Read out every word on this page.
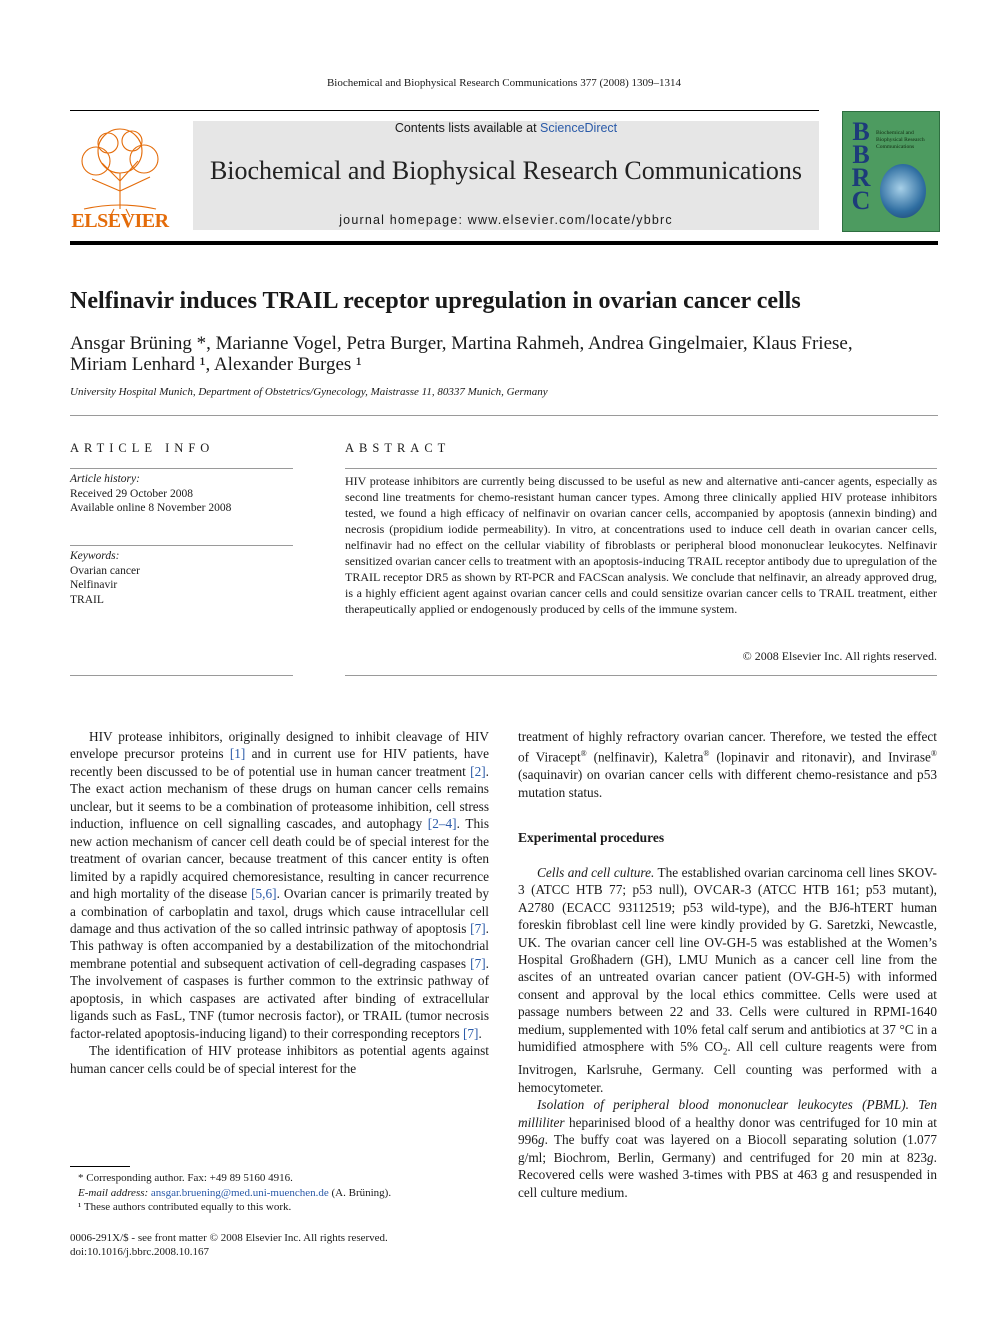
Biochemical and Biophysical Research Communications 377 (2008) 1309–1314
ELSEVIER
Contents lists available at ScienceDirect
Biochemical and Biophysical Research Communications
journal homepage: www.elsevier.com/locate/ybbrc
B
B
R
C
Biochemical and Biophysical Research Communications
Nelfinavir induces TRAIL receptor upregulation in ovarian cancer cells
Ansgar Brüning *, Marianne Vogel, Petra Burger, Martina Rahmeh, Andrea Gingelmaier, Klaus Friese,
Miriam Lenhard ¹, Alexander Burges ¹
University Hospital Munich, Department of Obstetrics/Gynecology, Maistrasse 11, 80337 Munich, Germany
ARTICLE INFO
Article history:
Received 29 October 2008
Available online 8 November 2008
Keywords:
Ovarian cancer
Nelfinavir
TRAIL
ABSTRACT
HIV protease inhibitors are currently being discussed to be useful as new and alternative anti-cancer agents, especially as second line treatments for chemo-resistant human cancer types. Among three clinically applied HIV protease inhibitors tested, we found a high efficacy of nelfinavir on ovarian cancer cells, accompanied by apoptosis (annexin binding) and necrosis (propidium iodide permeability). In vitro, at concentrations used to induce cell death in ovarian cancer cells, nelfinavir had no effect on the cellular viability of fibroblasts or peripheral blood mononuclear leukocytes. Nelfinavir sensitized ovarian cancer cells to treatment with an apoptosis-inducing TRAIL receptor antibody due to upregulation of the TRAIL receptor DR5 as shown by RT-PCR and FACScan analysis. We conclude that nelfinavir, an already approved drug, is a highly efficient agent against ovarian cancer cells and could sensitize ovarian cancer cells to TRAIL treatment, either therapeutically applied or endogenously produced by cells of the immune system.
© 2008 Elsevier Inc. All rights reserved.

HIV protease inhibitors, originally designed to inhibit cleavage of HIV envelope precursor proteins [1] and in current use for HIV patients, have recently been discussed to be of potential use in human cancer treatment [2]. The exact action mechanism of these drugs on human cancer cells remains unclear, but it seems to be a combination of proteasome inhibition, cell stress induction, influence on cell signalling cascades, and autophagy [2–4]. This new action mechanism of cancer cell death could be of special interest for the treatment of ovarian cancer, because treatment of this cancer entity is often limited by a rapidly acquired chemoresistance, resulting in cancer recurrence and high mortality of the disease [5,6]. Ovarian cancer is primarily treated by a combination of carboplatin and taxol, drugs which cause intracellular cell damage and thus activation of the so called intrinsic pathway of apoptosis [7]. This pathway is often accompanied by a destabilization of the mitochondrial membrane potential and subsequent activation of cell-degrading caspases [7]. The involvement of caspases is further common to the extrinsic pathway of apoptosis, in which caspases are activated after binding of extracellular ligands such as FasL, TNF (tumor necrosis factor), or TRAIL (tumor necrosis factor-related apoptosis-inducing ligand) to their corresponding receptors [7].

The identification of HIV protease inhibitors as potential agents against human cancer cells could be of special interest for the

treatment of highly refractory ovarian cancer. Therefore, we tested the effect of Viracept® (nelfinavir), Kaletra® (lopinavir and ritonavir), and Invirase® (saquinavir) on ovarian cancer cells with different chemo-resistance and p53 mutation status.

Experimental procedures

Cells and cell culture. The established ovarian carcinoma cell lines SKOV-3 (ATCC HTB 77; p53 null), OVCAR-3 (ATCC HTB 161; p53 mutant), A2780 (ECACC 93112519; p53 wild-type), and the BJ6-hTERT human foreskin fibroblast cell line were kindly provided by G. Saretzki, Newcastle, UK. The ovarian cancer cell line OV-GH-5 was established at the Women’s Hospital Großhadern (GH), LMU Munich as a cancer cell line from the ascites of an untreated ovarian cancer patient (OV-GH-5) with informed consent and approval by the local ethics committee. Cells were used at passage numbers between 22 and 33. Cells were cultured in RPMI-1640 medium, supplemented with 10% fetal calf serum and antibiotics at 37 °C in a humidified atmosphere with 5% $CO_2$. All cell culture reagents were from Invitrogen, Karlsruhe, Germany. Cell counting was performed with a hemocytometer.

Isolation of peripheral blood mononuclear leukocytes (PBML). Ten milliliter heparinised blood of a healthy donor was centrifuged for 10 min at 996g. The buffy coat was layered on a Biocoll separating solution (1.077 g/ml; Biochrom, Berlin, Germany) and centrifuged for 20 min at 823g. Recovered cells were washed 3-times with PBS at 463 g and resuspended in cell culture medium.

* Corresponding author. Fax: +49 89 5160 4916.
E-mail address: ansgar.bruening@med.uni-muenchen.de (A. Brüning).
¹ These authors contributed equally to this work.
0006-291X/$ - see front matter © 2008 Elsevier Inc. All rights reserved.
doi:10.1016/j.bbrc.2008.10.167
